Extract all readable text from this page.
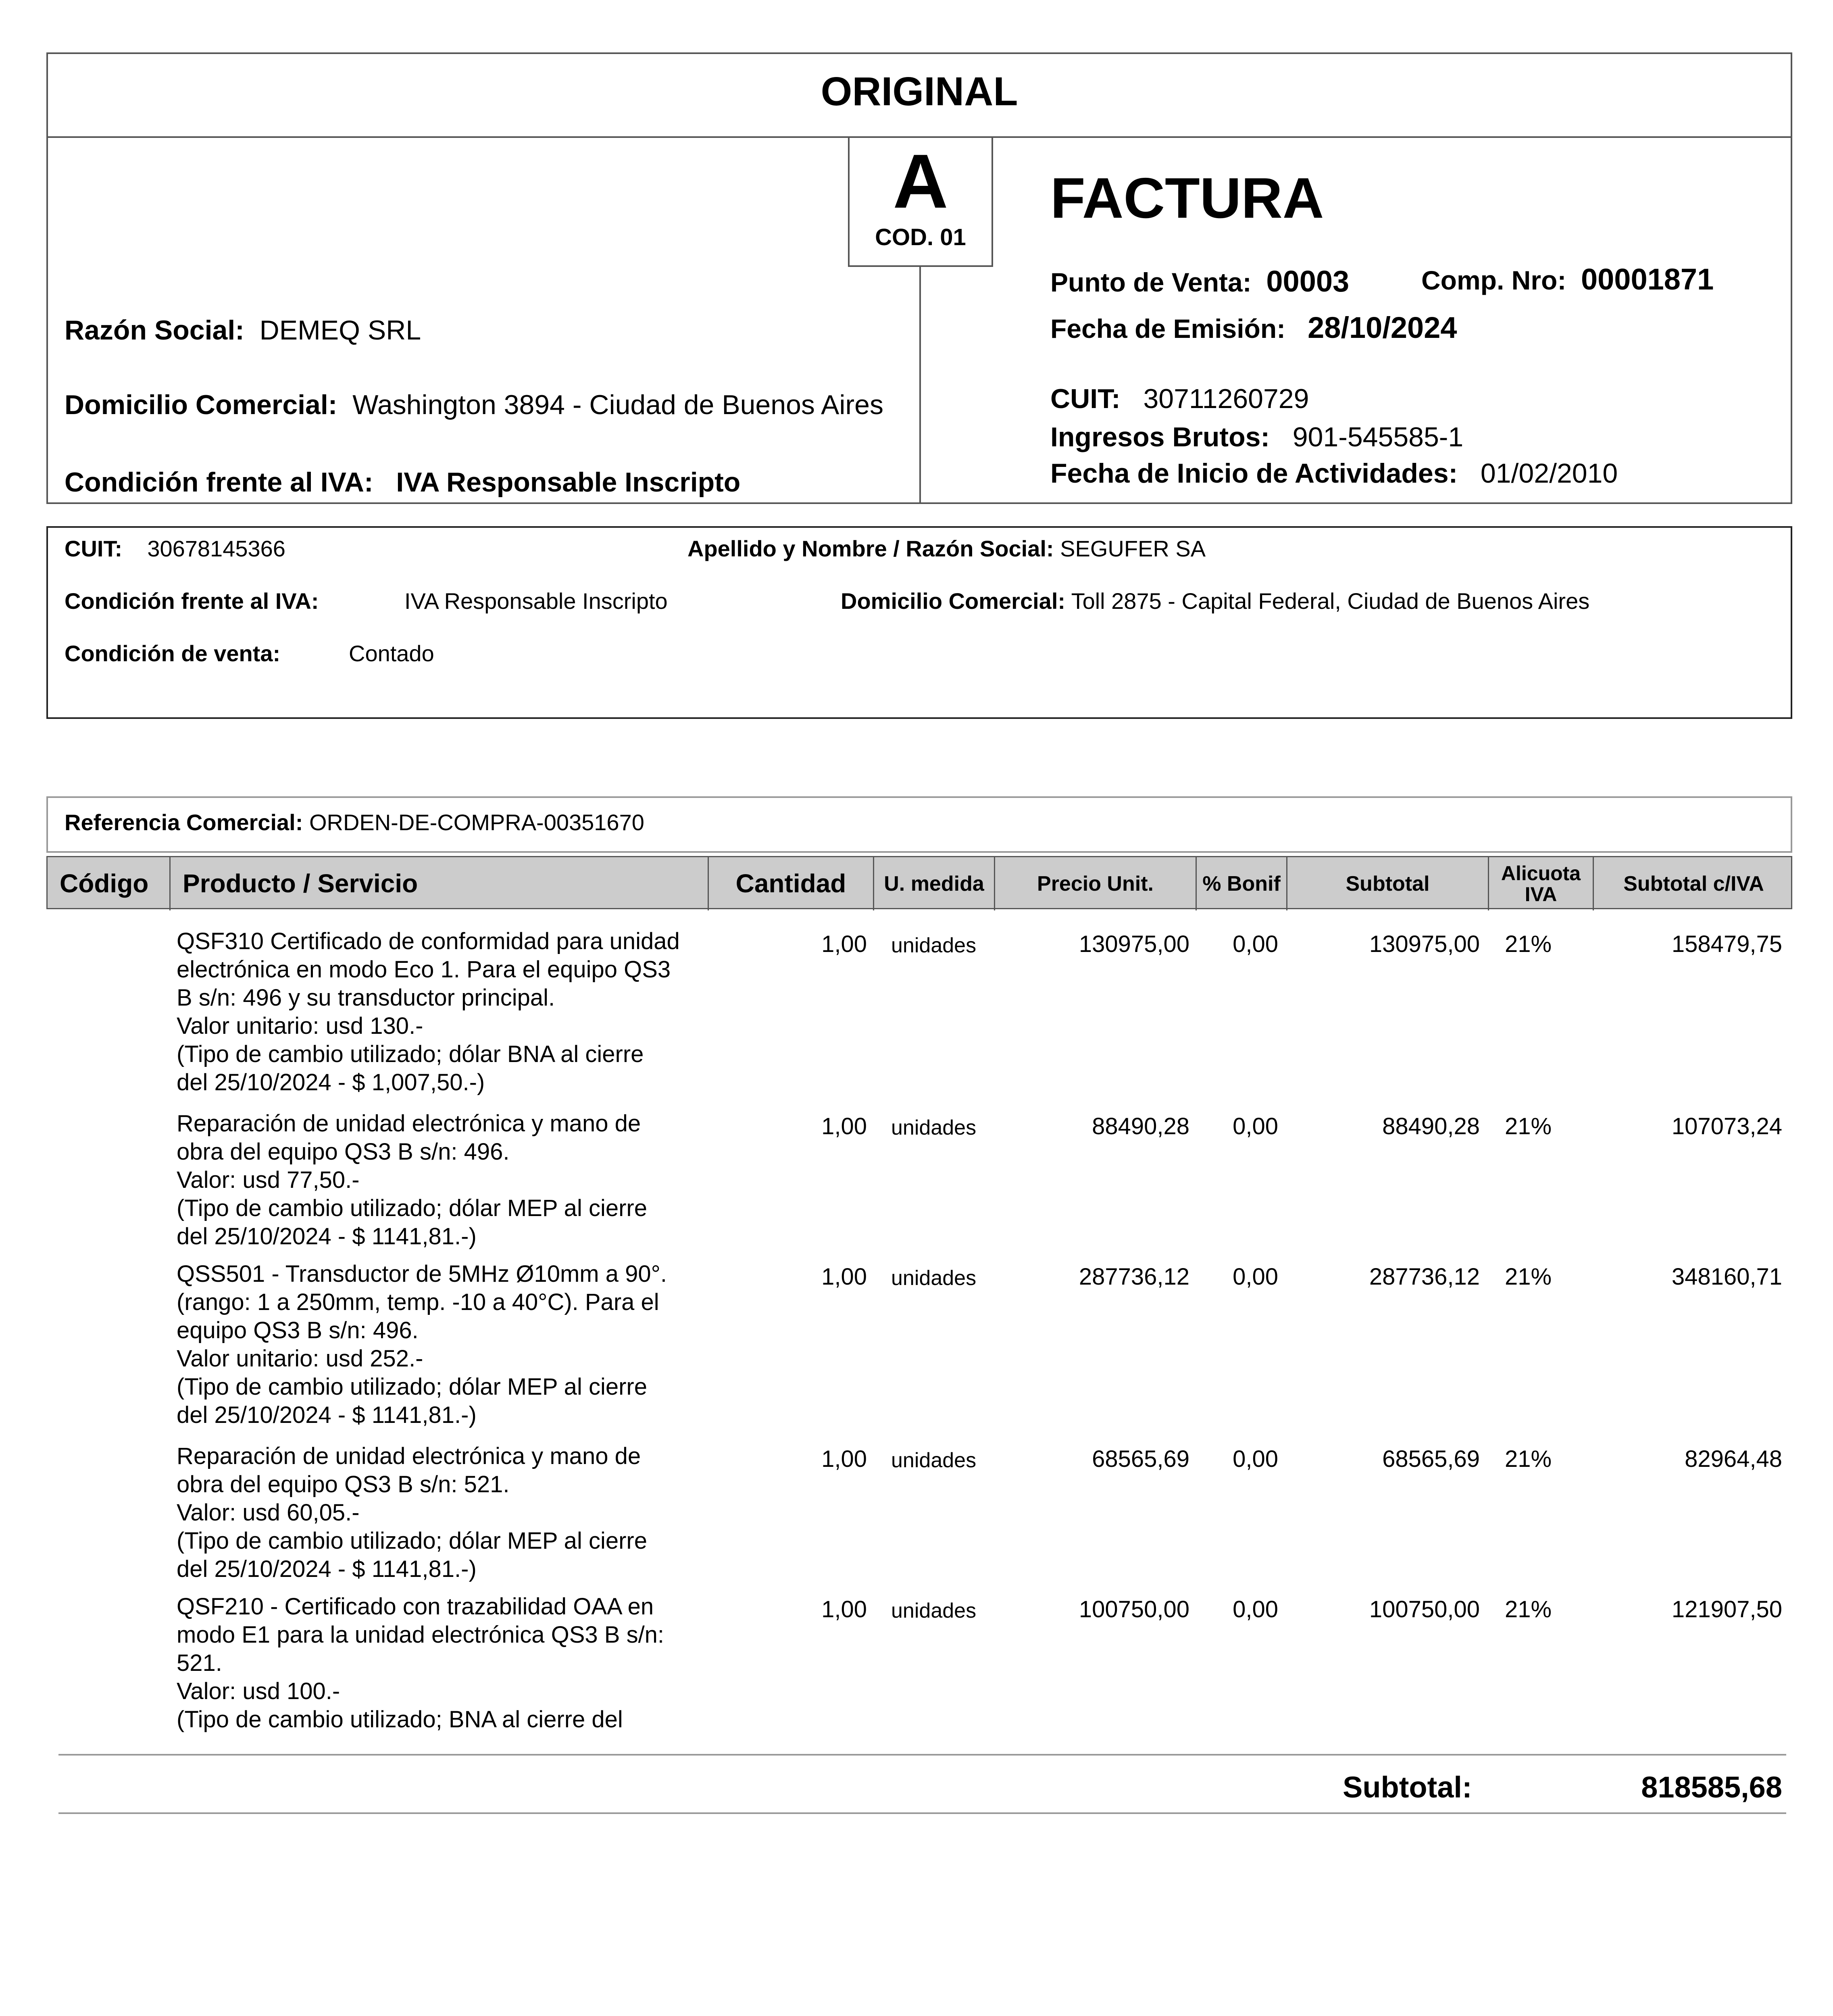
ORIGINAL
A
COD. 01
FACTURA
Razón Social: DEMEQ SRL
Domicilio Comercial: Washington 3894 - Ciudad de Buenos Aires
Condición frente al IVA: IVA Responsable Inscripto
Punto de Venta: 00003	Comp. Nro: 00001871
Fecha de Emisión: 28/10/2024
CUIT: 30711260729
Ingresos Brutos: 901-545585-1
Fecha de Inicio de Actividades: 01/02/2010
CUIT: 30678145366	Apellido y Nombre / Razón Social: SEGUFER SA
Condición frente al IVA:	IVA Responsable Inscripto	Domicilio Comercial: Toll 2875 - Capital Federal, Ciudad de Buenos Aires
Condición de venta:	Contado
Referencia Comercial: ORDEN-DE-COMPRA-00351670
Código	Producto / Servicio	Cantidad	U. medida	Precio Unit.	% Bonif	Subtotal	Alicuota IVA	Subtotal c/IVA
QSF310 Certificado de conformidad para unidad
electrónica en modo Eco 1. Para el equipo QS3
B s/n: 496 y su transductor principal.
Valor unitario: usd 130.-
(Tipo de cambio utilizado; dólar BNA al cierre
del 25/10/2024 - $ 1,007,50.-)
1,00 unidades	130975,00	0,00	130975,00	21%	158479,75
Reparación de unidad electrónica y mano de
obra del equipo QS3 B s/n: 496.
Valor: usd 77,50.-
(Tipo de cambio utilizado; dólar MEP al cierre
del 25/10/2024 - $ 1141,81.-)
1,00 unidades	88490,28	0,00	88490,28	21%	107073,24
QSS501 - Transductor de 5MHz Ø10mm a 90°.
(rango: 1 a 250mm, temp. -10 a 40°C). Para el
equipo QS3 B s/n: 496.
Valor unitario: usd 252.-
(Tipo de cambio utilizado; dólar MEP al cierre
del 25/10/2024 - $ 1141,81.-)
1,00 unidades	287736,12	0,00	287736,12	21%	348160,71
Reparación de unidad electrónica y mano de
obra del equipo QS3 B s/n: 521.
Valor: usd 60,05.-
(Tipo de cambio utilizado; dólar MEP al cierre
del 25/10/2024 - $ 1141,81.-)
1,00 unidades	68565,69	0,00	68565,69	21%	82964,48
QSF210 - Certificado con trazabilidad OAA en
modo E1 para la unidad electrónica QS3 B s/n:
521.
Valor: usd 100.-
(Tipo de cambio utilizado; BNA al cierre del
1,00 unidades	100750,00	0,00	100750,00	21%	121907,50
Subtotal:	818585,68
